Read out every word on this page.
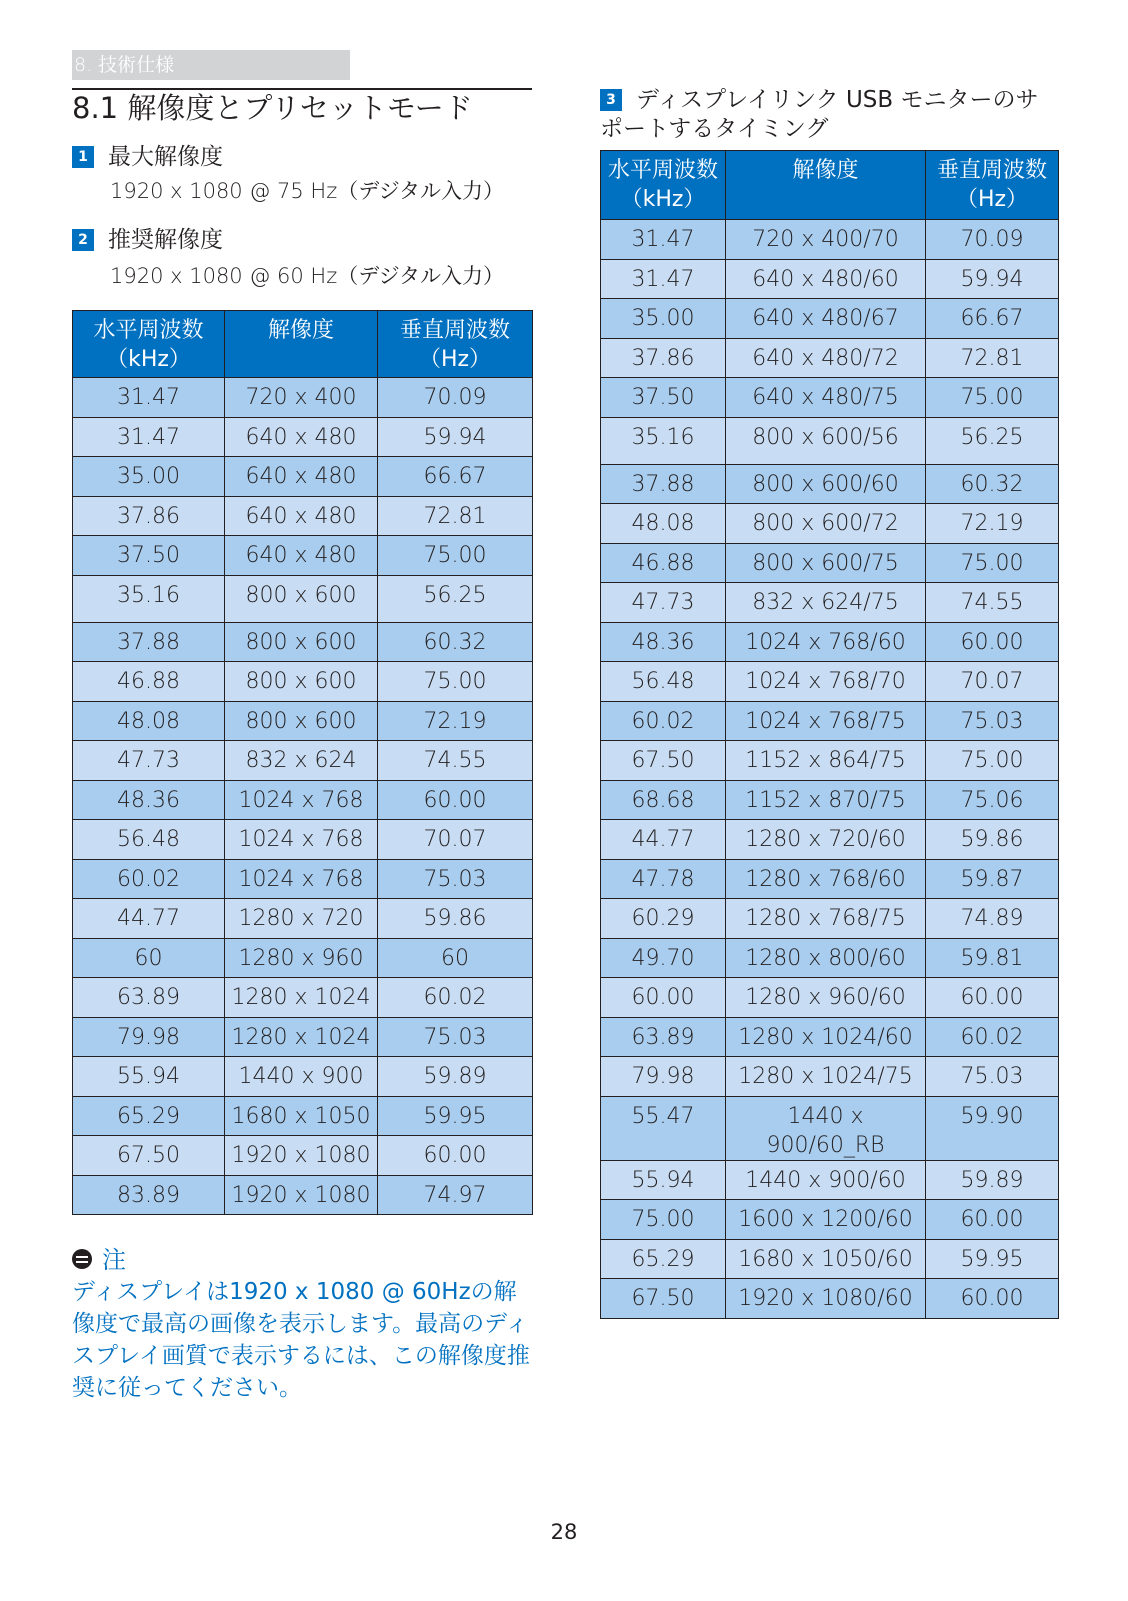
8. 技術仕様
8.1 解像度とプリセットモード
1 最大解像度
1920 x 1080 @ 75 Hz（デジタル入力）
2 推奨解像度
1920 x 1080 @ 60 Hz（デジタル入力）
水平周波数（kHz）	解像度	垂直周波数（Hz）
31.47	720 x 400	70.09
31.47	640 x 480	59.94
35.00	640 x 480	66.67
37.86	640 x 480	72.81
37.50	640 x 480	75.00
35.16	800 x 600	56.25
37.88	800 x 600	60.32
46.88	800 x 600	75.00
48.08	800 x 600	72.19
47.73	832 x 624	74.55
48.36	1024 x 768	60.00
56.48	1024 x 768	70.07
60.02	1024 x 768	75.03
44.77	1280 x 720	59.86
60	1280 x 960	60
63.89	1280 x 1024	60.02
79.98	1280 x 1024	75.03
55.94	1440 x 900	59.89
65.29	1680 x 1050	59.95
67.50	1920 x 1080	60.00
83.89	1920 x 1080	74.97
注
ディスプレイは1920 x 1080 @ 60Hzの解像度で最高の画像を表示します。最高のディスプレイ画質で表示するには、この解像度推奨に従ってください。
3 ディスプレイリンク USB モニターのサポートするタイミング
水平周波数（kHz）	解像度	垂直周波数（Hz）
31.47	720 x 400/70	70.09
31.47	640 x 480/60	59.94
35.00	640 x 480/67	66.67
37.86	640 x 480/72	72.81
37.50	640 x 480/75	75.00
35.16	800 x 600/56	56.25
37.88	800 x 600/60	60.32
48.08	800 x 600/72	72.19
46.88	800 x 600/75	75.00
47.73	832 x 624/75	74.55
48.36	1024 x 768/60	60.00
56.48	1024 x 768/70	70.07
60.02	1024 x 768/75	75.03
67.50	1152 x 864/75	75.00
68.68	1152 x 870/75	75.06
44.77	1280 x 720/60	59.86
47.78	1280 x 768/60	59.87
60.29	1280 x 768/75	74.89
49.70	1280 x 800/60	59.81
60.00	1280 x 960/60	60.00
63.89	1280 x 1024/60	60.02
79.98	1280 x 1024/75	75.03
55.47	1440 x 900/60_RB	59.90
55.94	1440 x 900/60	59.89
75.00	1600 x 1200/60	60.00
65.29	1680 x 1050/60	59.95
67.50	1920 x 1080/60	60.00
28
